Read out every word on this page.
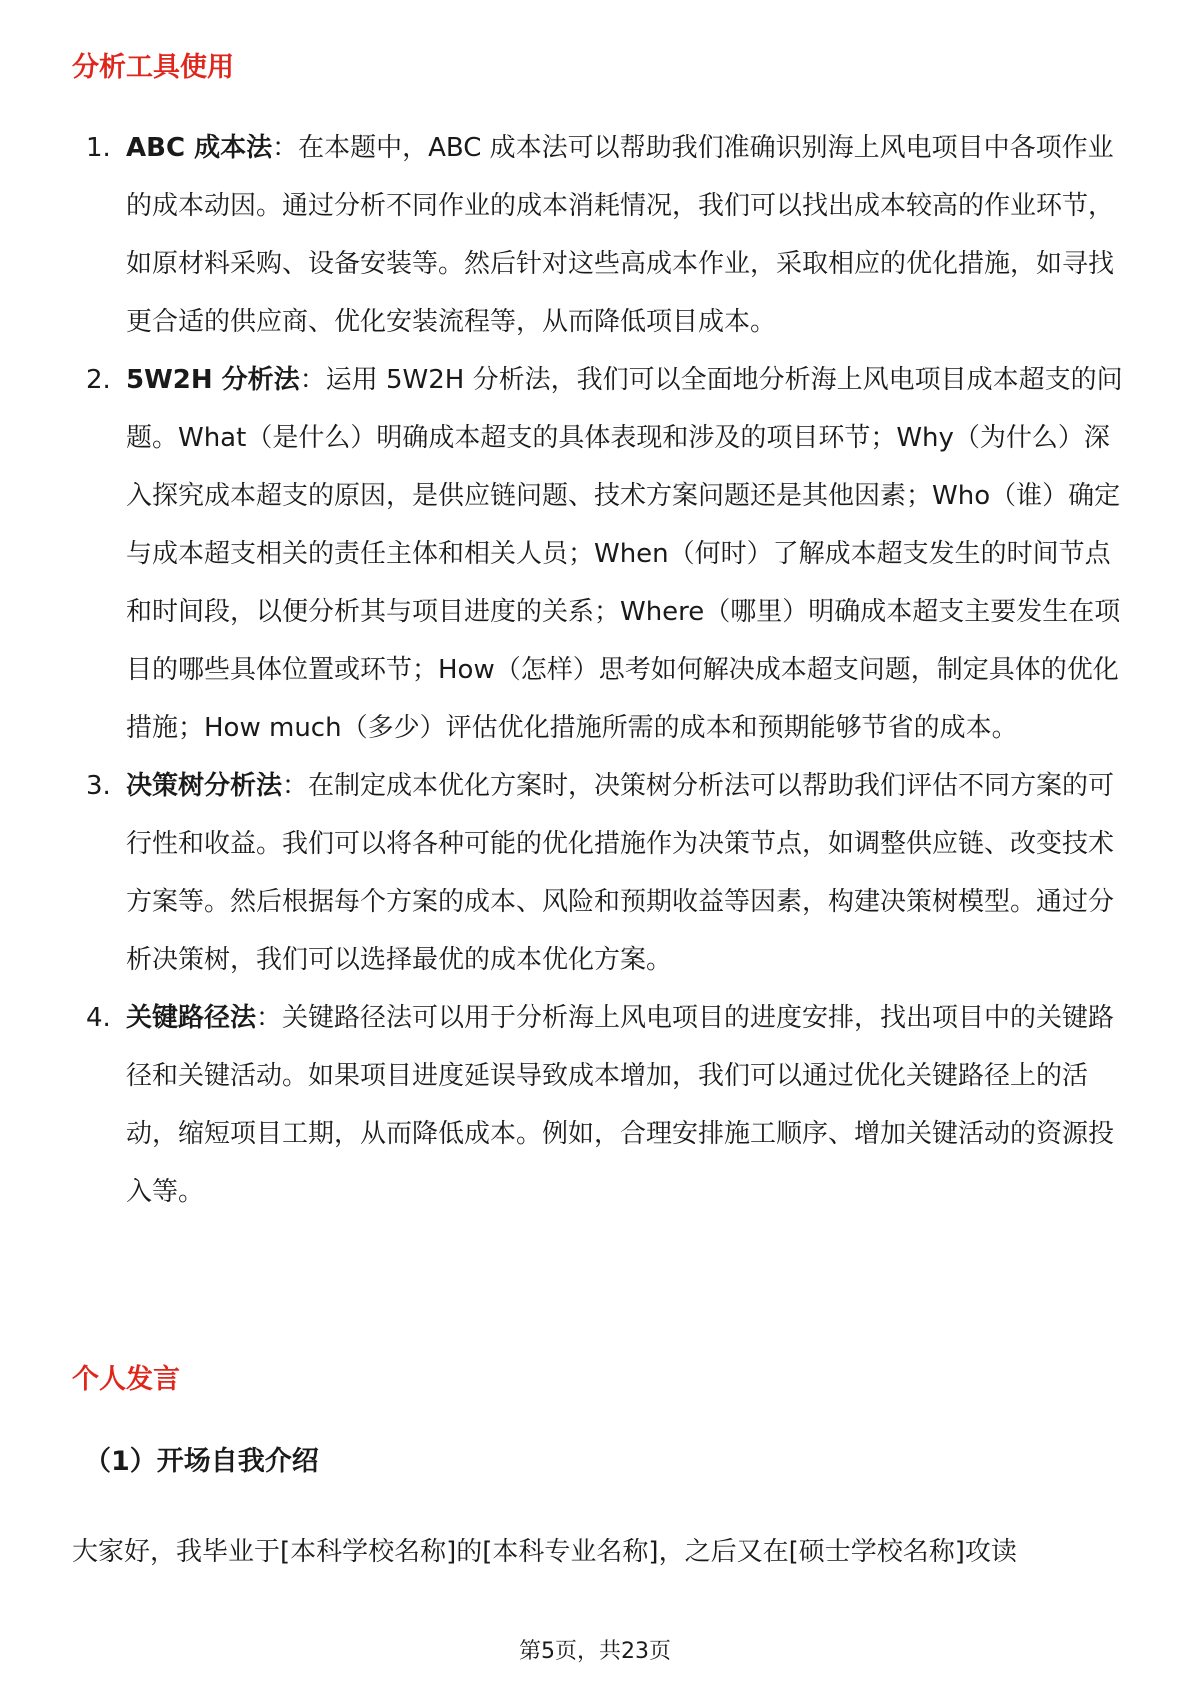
分析工具使用
1. ABC 成本法：在本题中，ABC 成本法可以帮助我们准确识别海上风电项目中各项作业的成本动因。通过分析不同作业的成本消耗情况，我们可以找出成本较高的作业环节，如原材料采购、设备安装等。然后针对这些高成本作业，采取相应的优化措施，如寻找更合适的供应商、优化安装流程等，从而降低项目成本。
2. 5W2H 分析法：运用 5W2H 分析法，我们可以全面地分析海上风电项目成本超支的问题。What（是什么）明确成本超支的具体表现和涉及的项目环节；Why（为什么）深入探究成本超支的原因，是供应链问题、技术方案问题还是其他因素；Who（谁）确定与成本超支相关的责任主体和相关人员；When（何时）了解成本超支发生的时间节点和时间段，以便分析其与项目进度的关系；Where（哪里）明确成本超支主要发生在项目的哪些具体位置或环节；How（怎样）思考如何解决成本超支问题，制定具体的优化措施；How much（多少）评估优化措施所需的成本和预期能够节省的成本。
3. 决策树分析法：在制定成本优化方案时，决策树分析法可以帮助我们评估不同方案的可行性和收益。我们可以将各种可能的优化措施作为决策节点，如调整供应链、改变技术方案等。然后根据每个方案的成本、风险和预期收益等因素，构建决策树模型。通过分析决策树，我们可以选择最优的成本优化方案。
4. 关键路径法：关键路径法可以用于分析海上风电项目的进度安排，找出项目中的关键路径和关键活动。如果项目进度延误导致成本增加，我们可以通过优化关键路径上的活动，缩短项目工期，从而降低成本。例如，合理安排施工顺序、增加关键活动的资源投入等。
个人发言
（1）开场自我介绍

大家好，我毕业于[本科学校名称]的[本科专业名称]，之后又在[硕士学校名称]攻读

第5页，共23页
